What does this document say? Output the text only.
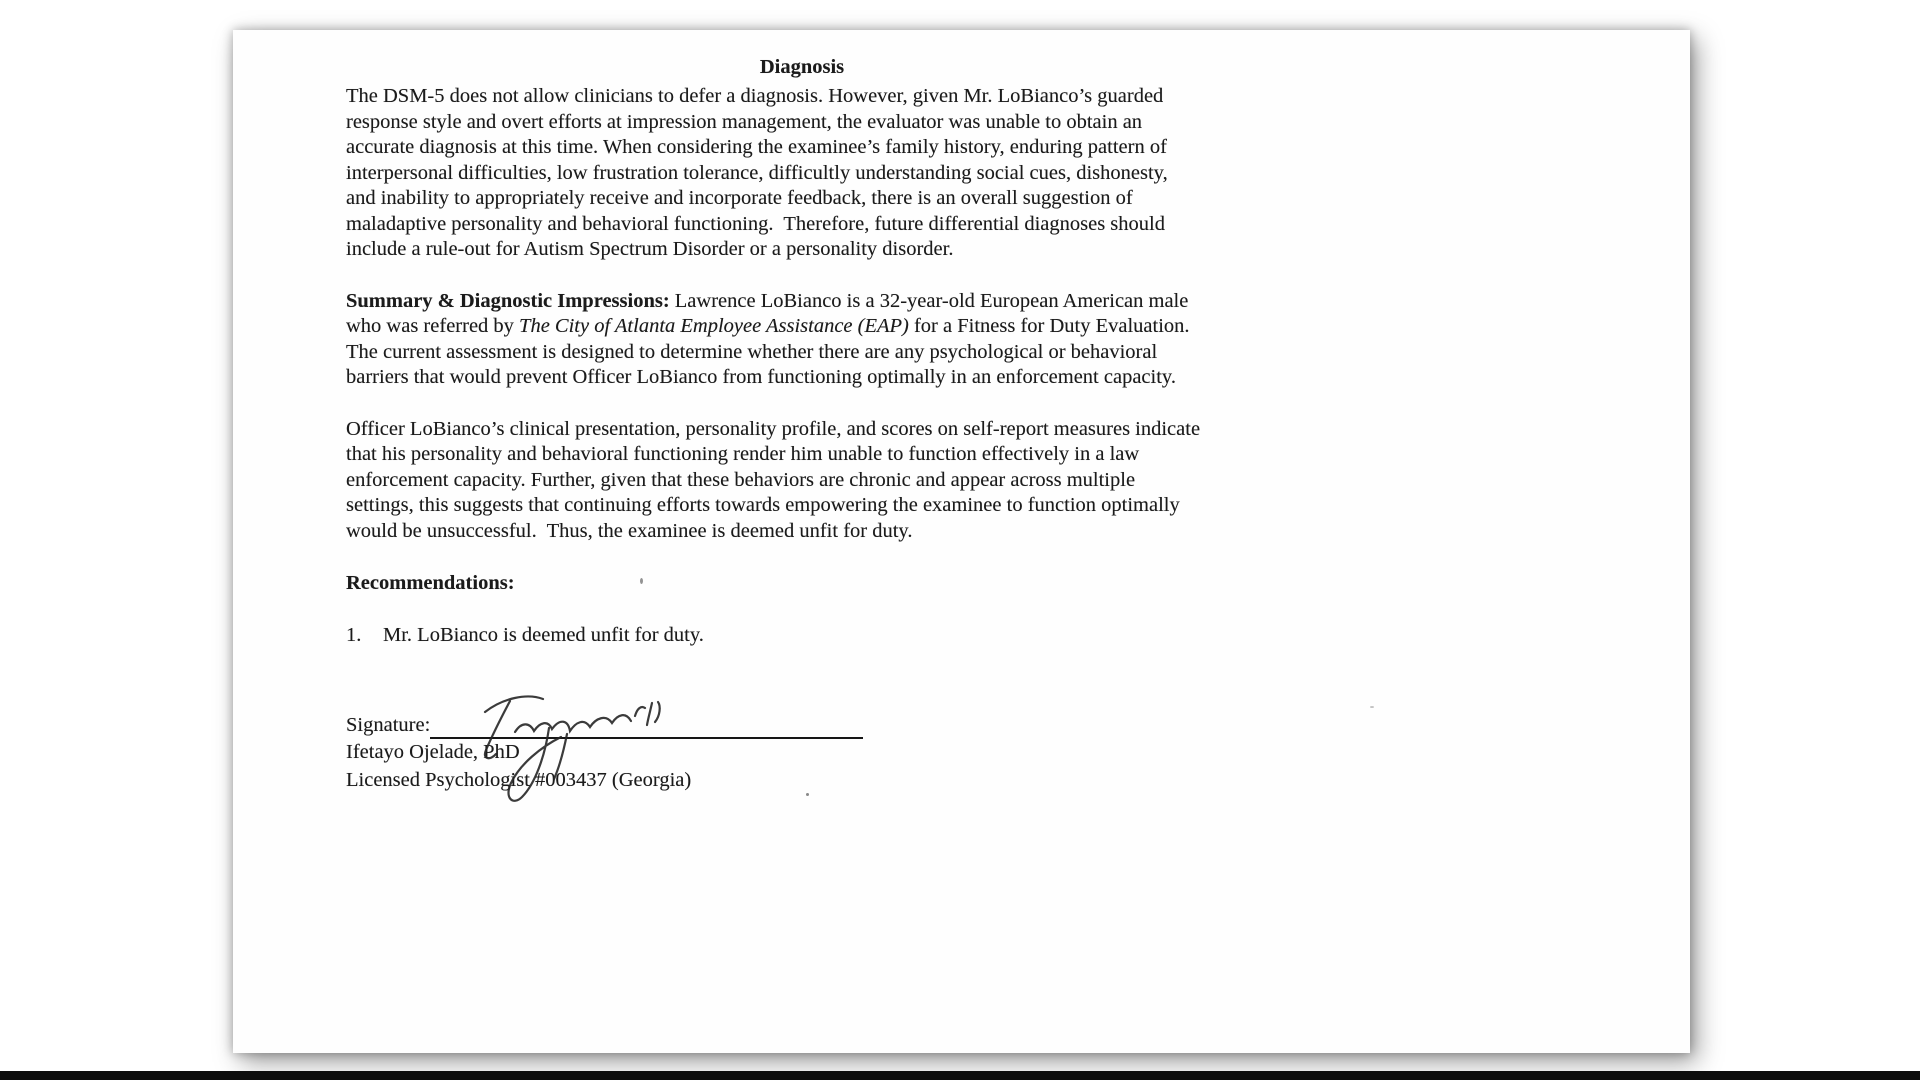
Diagnosis
The DSM-5 does not allow clinicians to defer a diagnosis. However, given Mr. LoBianco’s guarded
response style and overt efforts at impression management, the evaluator was unable to obtain an
accurate diagnosis at this time. When considering the examinee’s family history, enduring pattern of
interpersonal difficulties, low frustration tolerance, difficultly understanding social cues, dishonesty,
and inability to appropriately receive and incorporate feedback, there is an overall suggestion of
maladaptive personality and behavioral functioning.  Therefore, future differential diagnoses should
include a rule-out for Autism Spectrum Disorder or a personality disorder.
Summary & Diagnostic Impressions: Lawrence LoBianco is a 32-year-old European American male
who was referred by The City of Atlanta Employee Assistance (EAP) for a Fitness for Duty Evaluation.
The current assessment is designed to determine whether there are any psychological or behavioral
barriers that would prevent Officer LoBianco from functioning optimally in an enforcement capacity.
Officer LoBianco’s clinical presentation, personality profile, and scores on self-report measures indicate
that his personality and behavioral functioning render him unable to function effectively in a law
enforcement capacity. Further, given that these behaviors are chronic and appear across multiple
settings, this suggests that continuing efforts towards empowering the examinee to function optimally
would be unsuccessful.  Thus, the examinee is deemed unfit for duty.
Recommendations:
1.	Mr. LoBianco is deemed unfit for duty.
Signature:
Ifetayo Ojelade, PhD
Licensed Psychologist #003437 (Georgia)
